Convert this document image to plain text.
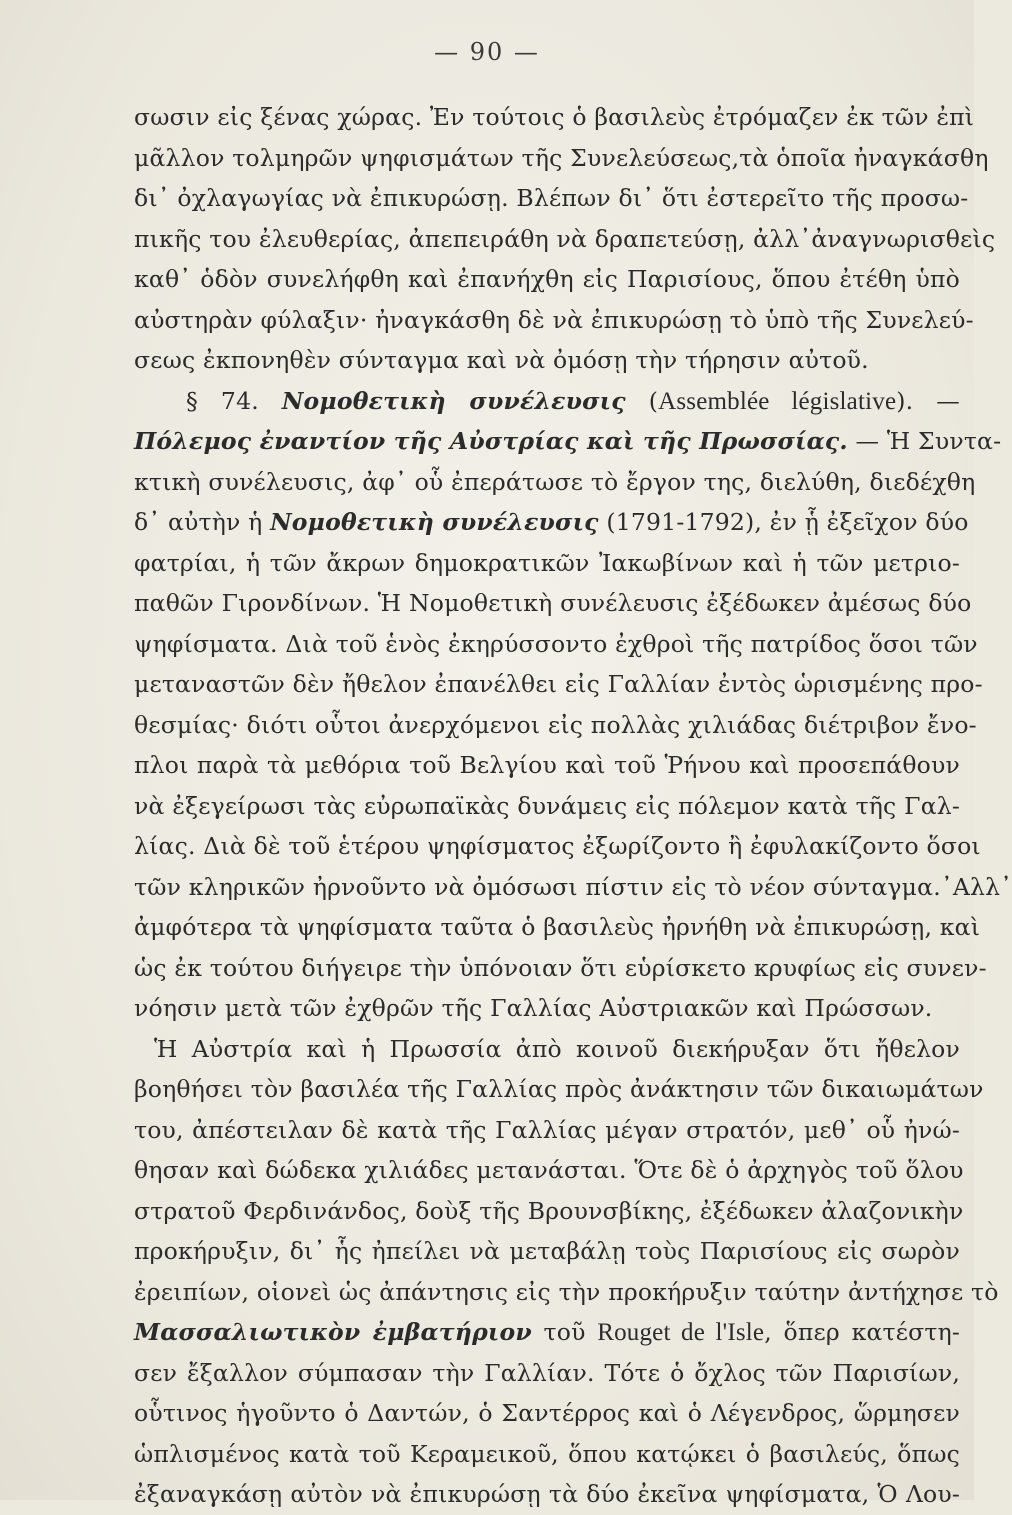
— 90 —
σωσιν εἰς ξένας χώρας. Ἐν τούτοις ὁ βασιλεὺς ἐτρόμαζεν ἐκ τῶν ἐπὶ
μᾶλλον τολμηρῶν ψηφισμάτων τῆς Συνελεύσεως,τὰ ὁποῖα ἠναγκάσθη
δι᾿ ὀχλαγωγίας νὰ ἐπικυρώσῃ. Βλέπων δι᾿ ὅτι ἐστερεῖτο τῆς προσω-
πικῆς του ἐλευθερίας, ἀπεπειράθη νὰ δραπετεύσῃ, ἀλλ᾿ἀναγνωρισθεὶς
καθ᾿ ὁδὸν συνελήφθη καὶ ἐπανήχθη εἰς Παρισίους, ὅπου ἐτέθη ὑπὸ
αὐστηρὰν φύλαξιν· ἠναγκάσθη δὲ νὰ ἐπικυρώσῃ τὸ ὑπὸ τῆς Συνελεύ-
σεως ἐκπονηθὲν σύνταγμα καὶ νὰ ὀμόσῃ τὴν τήρησιν αὐτοῦ.
§ 74. Νομοθετικὴ συνέλευσις (Assemblée législative). —
Πόλεμος ἐναντίον τῆς Αὐστρίας καὶ τῆς Πρωσσίας. — Ἡ Συντα-
κτικὴ συνέλευσις, ἀφ᾿ οὗ ἐπεράτωσε τὸ ἔργον της, διελύθη, διεδέχθη
δ᾿ αὐτὴν ἡ Νομοθετικὴ συνέλευσις (1791-1792), ἐν ᾗ ἐξεῖχον δύο
φατρίαι, ἡ τῶν ἄκρων δημοκρατικῶν Ἰακωβίνων καὶ ἡ τῶν μετριο-
παθῶν Γιρονδίνων. Ἡ Νομοθετικὴ συνέλευσις ἐξέδωκεν ἀμέσως δύο
ψηφίσματα. Διὰ τοῦ ἑνὸς ἐκηρύσσοντο ἐχθροὶ τῆς πατρίδος ὅσοι τῶν
μεταναστῶν δὲν ἤθελον ἐπανέλθει εἰς Γαλλίαν ἐντὸς ὡρισμένης προ-
θεσμίας· διότι οὗτοι ἀνερχόμενοι εἰς πολλὰς χιλιάδας διέτριβον ἔνο-
πλοι παρὰ τὰ μεθόρια τοῦ Βελγίου καὶ τοῦ Ῥήνου καὶ προσεπάθουν
νὰ ἐξεγείρωσι τὰς εὐρωπαϊκὰς δυνάμεις εἰς πόλεμον κατὰ τῆς Γαλ-
λίας. Διὰ δὲ τοῦ ἑτέρου ψηφίσματος ἐξωρίζοντο ἢ ἐφυλακίζοντο ὅσοι
τῶν κληρικῶν ἠρνοῦντο νὰ ὀμόσωσι πίστιν εἰς τὸ νέον σύνταγμα.᾿Αλλ᾿
ἀμφότερα τὰ ψηφίσματα ταῦτα ὁ βασιλεὺς ἠρνήθη νὰ ἐπικυρώσῃ, καὶ
ὡς ἐκ τούτου διήγειρε τὴν ὑπόνοιαν ὅτι εὑρίσκετο κρυφίως εἰς συνεν-
νόησιν μετὰ τῶν ἐχθρῶν τῆς Γαλλίας Αὐστριακῶν καὶ Πρώσσων.
Ἡ Αὐστρία καὶ ἡ Πρωσσία ἀπὸ κοινοῦ διεκήρυξαν ὅτι ἤθελον
βοηθήσει τὸν βασιλέα τῆς Γαλλίας πρὸς ἀνάκτησιν τῶν δικαιωμάτων
του, ἀπέστειλαν δὲ κατὰ τῆς Γαλλίας μέγαν στρατόν, μεθ᾿ οὗ ἠνώ-
θησαν καὶ δώδεκα χιλιάδες μετανάσται. Ὅτε δὲ ὁ ἀρχηγὸς τοῦ ὅλου
στρατοῦ Φερδινάνδος, δοὺξ τῆς Βρουνσβίκης, ἐξέδωκεν ἀλαζονικὴν
προκήρυξιν, δι᾿ ἧς ἠπείλει νὰ μεταβάλῃ τοὺς Παρισίους εἰς σωρὸν
ἐρειπίων, οἱονεὶ ὡς ἀπάντησις εἰς τὴν προκήρυξιν ταύτην ἀντήχησε τὸ
Μασσαλιωτικὸν ἐμβατήριον τοῦ Rouget de l'Isle, ὅπερ κατέστη-
σεν ἔξαλλον σύμπασαν τὴν Γαλλίαν. Τότε ὁ ὄχλος τῶν Παρισίων,
οὗτινος ἡγοῦντο ὁ Δαντών, ὁ Σαντέρρος καὶ ὁ Λέγενδρος, ὥρμησεν
ὡπλισμένος κατὰ τοῦ Κεραμεικοῦ, ὅπου κατῴκει ὁ βασιλεύς, ὅπως
ἐξαναγκάσῃ αὐτὸν νὰ ἐπικυρώσῃ τὰ δύο ἐκεῖνα ψηφίσματα, Ὁ Λου-
